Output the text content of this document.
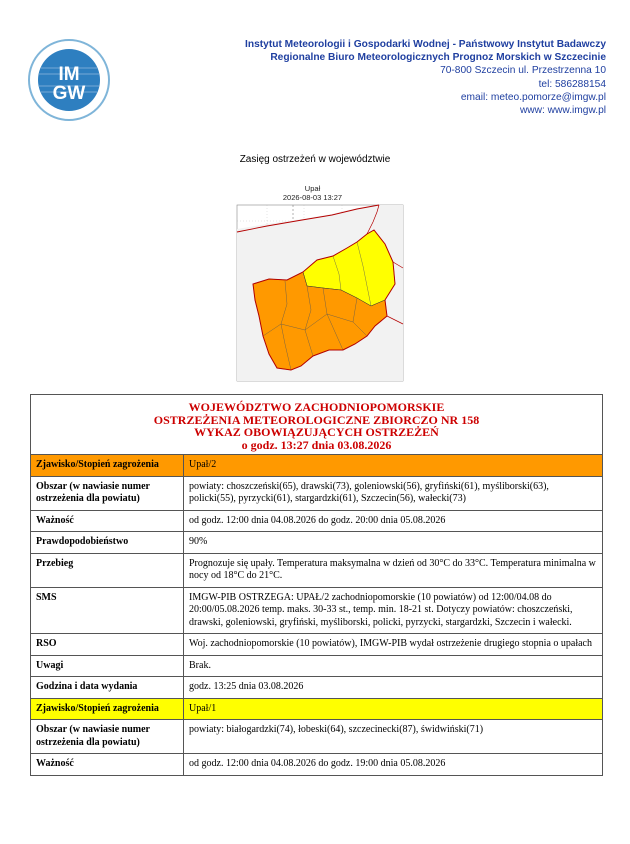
IM
GW
Instytut Meteorologii i Gospodarki Wodnej - Państwowy Instytut Badawczy
Regionalne Biuro Meteorologicznych Prognoz Morskich w Szczecinie
70-800 Szczecin ul. Przestrzenna 10
tel: 586288154
email: meteo.pomorze@imgw.pl
www: www.imgw.pl
Zasięg ostrzeżeń w województwie
Upał
2026-08-03 13:27
WOJEWÓDZTWO ZACHODNIOPOMORSKIE
OSTRZEŻENIA METEOROLOGICZNE ZBIORCZO NR 158
WYKAZ OBOWIĄZUJĄCYCH OSTRZEŻEŃ
o godz. 13:27 dnia 03.08.2026	

Zjawisko/Stopień zagrożenia	Upał/2
Obszar (w nawiasie numer ostrzeżenia dla powiatu)	powiaty: choszczeński(65), drawski(73), goleniowski(56), gryfiński(61), myśliborski(63), policki(55), pyrzycki(61), stargardzki(61), Szczecin(56), wałecki(73)
Ważność	od godz. 12:00 dnia 04.08.2026 do godz. 20:00 dnia 05.08.2026
Prawdopodobieństwo	90%
Przebieg	Prognozuje się upały. Temperatura maksymalna w dzień od 30°C do 33°C. Temperatura minimalna w nocy od 18°C do 21°C.
SMS	IMGW-PIB OSTRZEGA: UPAŁ/2 zachodniopomorskie (10 powiatów) od 12:00/04.08 do 20:00/05.08.2026 temp. maks. 30-33 st., temp. min. 18-21 st. Dotyczy powiatów: choszczeński, drawski, goleniowski, gryfiński, myśliborski, policki, pyrzycki, stargardzki, Szczecin i wałecki.
RSO	Woj. zachodniopomorskie (10 powiatów), IMGW-PIB wydał ostrzeżenie drugiego stopnia o upałach
Uwagi	Brak.
Godzina i data wydania	godz. 13:25 dnia 03.08.2026
Zjawisko/Stopień zagrożenia	Upał/1
Obszar (w nawiasie numer ostrzeżenia dla powiatu)	powiaty: białogardzki(74), łobeski(64), szczecinecki(87), świdwiński(71)
Ważność	od godz. 12:00 dnia 04.08.2026 do godz. 19:00 dnia 05.08.2026
